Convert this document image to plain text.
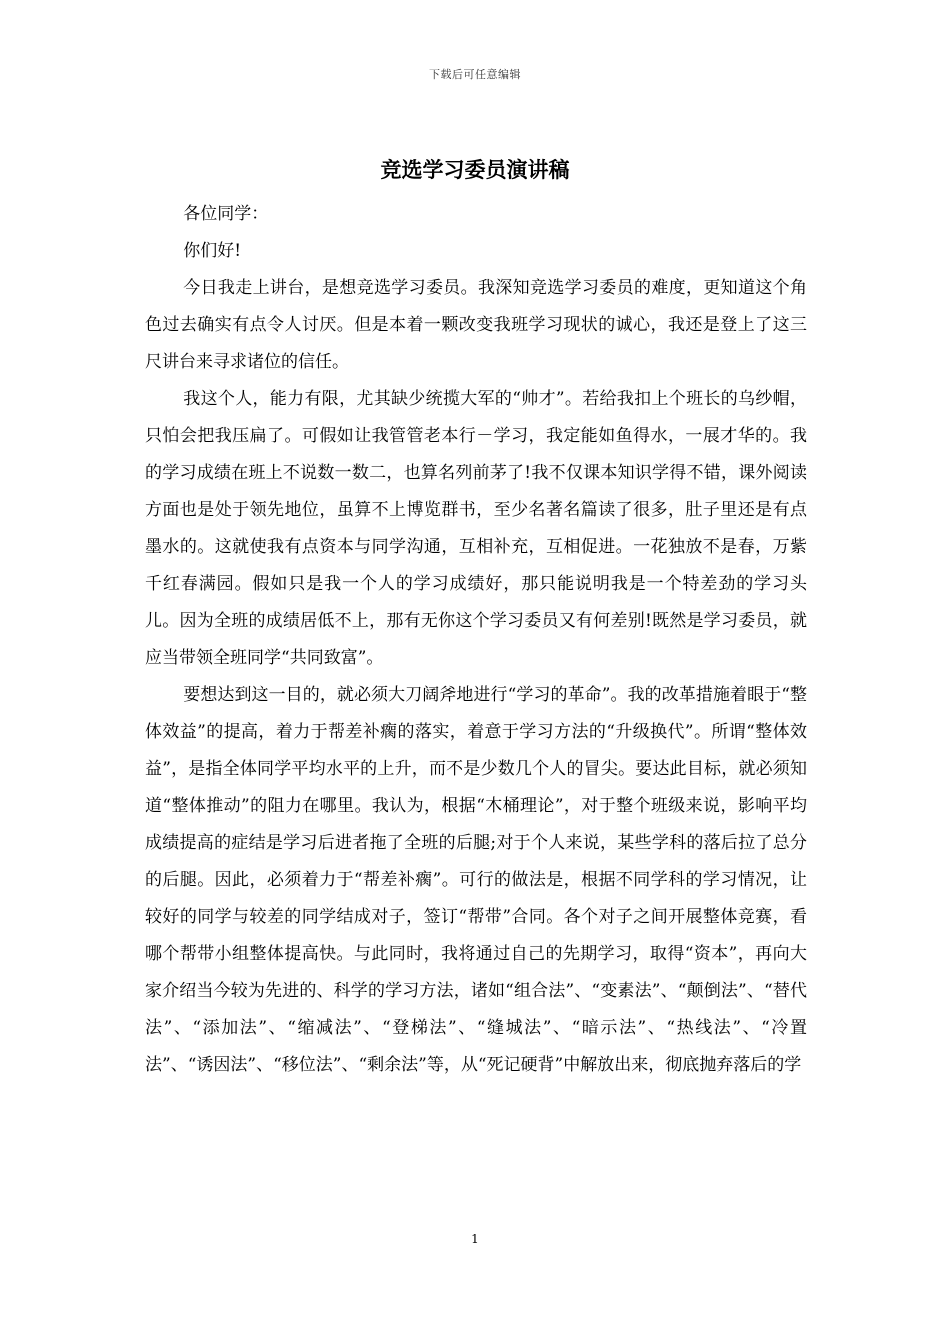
下载后可任意编辑
竞选学习委员演讲稿

各位同学：

你们好!

今日我走上讲台，是想竞选学习委员。我深知竞选学习委员的难度，更知道这个角色过去确实有点令人讨厌。但是本着一颗改变我班学习现状的诚心，我还是登上了这三尺讲台来寻求诸位的信任。

我这个人，能力有限，尤其缺少统揽大军的“帅才”。若给我扣上个班长的乌纱帽，只怕会把我压扁了。可假如让我管管老本行－学习，我定能如鱼得水，一展才华的。我的学习成绩在班上不说数一数二，也算名列前茅了!我不仅课本知识学得不错，课外阅读方面也是处于领先地位，虽算不上博览群书，至少名著名篇读了很多，肚子里还是有点墨水的。这就使我有点资本与同学沟通，互相补充，互相促进。一花独放不是春，万紫千红春满园。假如只是我一个人的学习成绩好，那只能说明我是一个特差劲的学习头儿。因为全班的成绩居低不上，那有无你这个学习委员又有何差别!既然是学习委员，就应当带领全班同学“共同致富”。

要想达到这一目的，就必须大刀阔斧地进行“学习的革命”。我的改革措施着眼于“整体效益”的提高，着力于帮差补瘸的落实，着意于学习方法的“升级换代”。所谓“整体效益”，是指全体同学平均水平的上升，而不是少数几个人的冒尖。要达此目标，就必须知道“整体推动”的阻力在哪里。我认为，根据“木桶理论”，对于整个班级来说，影响平均成绩提高的症结是学习后进者拖了全班的后腿;对于个人来说，某些学科的落后拉了总分的后腿。因此，必须着力于“帮差补瘸”。可行的做法是，根据不同学科的学习情况，让较好的同学与较差的同学结成对子，签订“帮带”合同。各个对子之间开展整体竞赛，看哪个帮带小组整体提高快。与此同时，我将通过自己的先期学习，取得“资本”，再向大家介绍当今较为先进的、科学的学习方法，诸如“组合法”、“变素法”、“颠倒法”、“替代法”、“添加法”、“缩减法”、“登梯法”、“缝城法”、“暗示法”、“热线法”、“冷置法”、“诱因法”、“移位法”、“剩余法”等，从“死记硬背”中解放出来，彻底抛弃落后的学

1
